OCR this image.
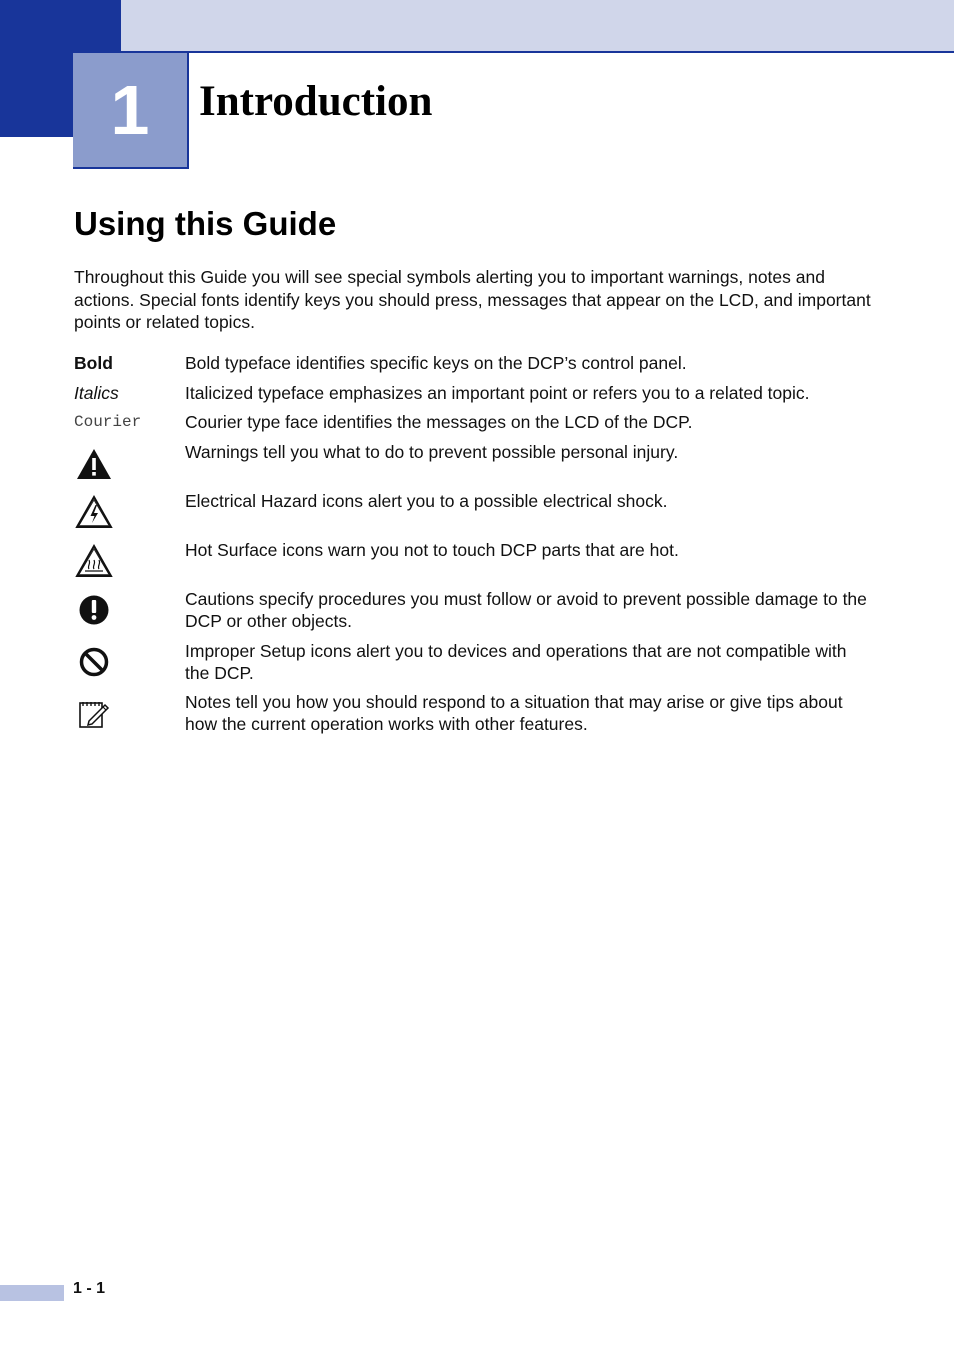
1 Introduction
Using this Guide

Throughout this Guide you will see special symbols alerting you to important warnings, notes and actions. Special fonts identify keys you should press, messages that appear on the LCD, and important points or related topics.

Bold	Bold typeface identifies specific keys on the DCP’s control panel.
Italics	Italicized typeface emphasizes an important point or refers you to a related topic.
Courier	Courier type face identifies the messages on the LCD of the DCP.
Warnings tell you what to do to prevent possible personal injury.
Electrical Hazard icons alert you to a possible electrical shock.
Hot Surface icons warn you not to touch DCP parts that are hot.
Cautions specify procedures you must follow or avoid to prevent possible damage to the DCP or other objects.
Improper Setup icons alert you to devices and operations that are not compatible with the DCP.
Notes tell you how you should respond to a situation that may arise or give tips about how the current operation works with other features.
1 - 1
